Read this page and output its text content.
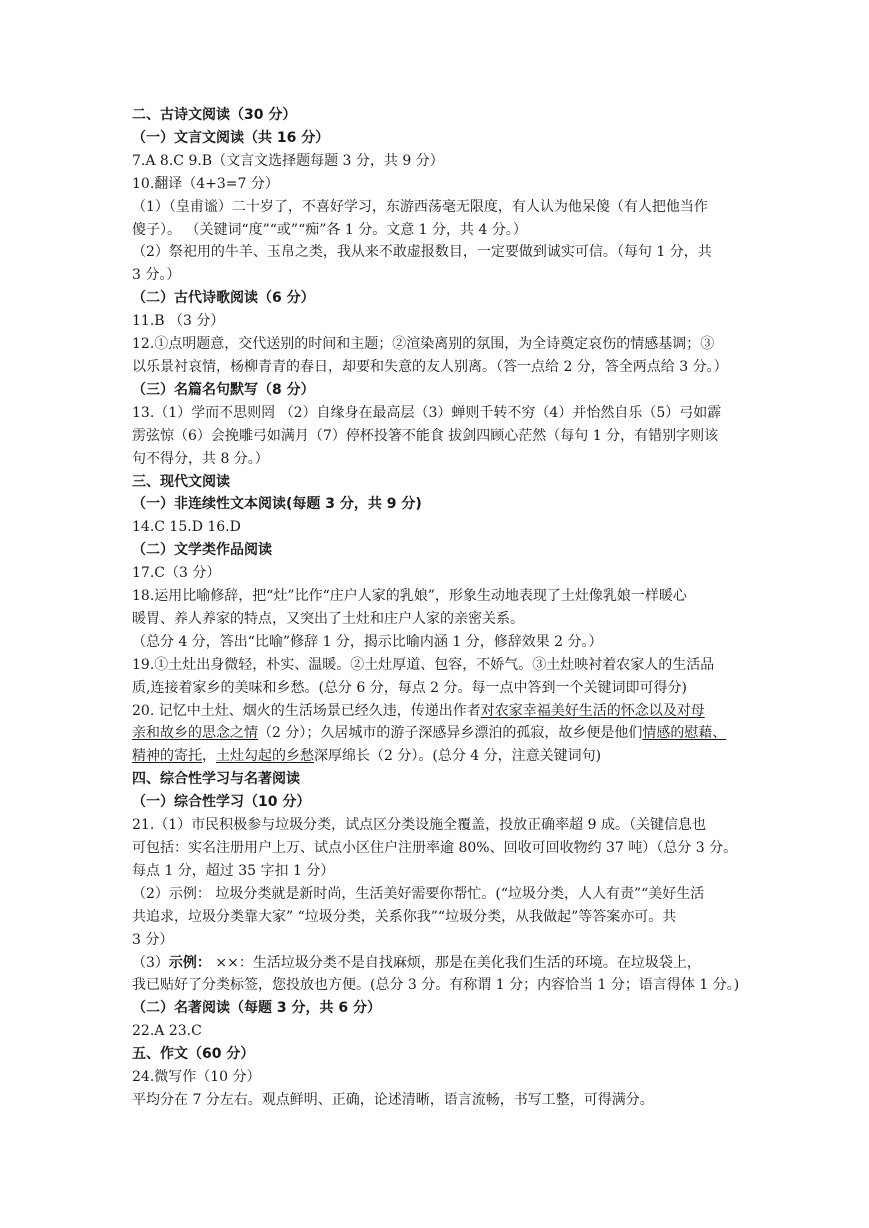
二、古诗文阅读（30 分）
（一）文言文阅读（共 16 分）
7.A 8.C 9.B（文言文选择题每题 3 分，共 9 分）
10.翻译（4+3=7 分）
（1）（皇甫谧）二十岁了，不喜好学习，东游西荡毫无限度，有人认为他呆傻（有人把他当作
傻子）。 （关键词“度”“或”“痴”各 1 分。文意 1 分，共 4 分。）
（2）祭祀用的牛羊、玉帛之类，我从来不敢虚报数目，一定要做到诚实可信。（每句 1 分，共
3 分。）
（二）古代诗歌阅读（6 分）
11.B （3 分）
12.①点明题意，交代送别的时间和主题；②渲染离别的氛围，为全诗奠定哀伤的情感基调；③
以乐景衬哀情，杨柳青青的春日，却要和失意的友人别离。（答一点给 2 分，答全两点给 3 分。）
（三）名篇名句默写（8 分）
13.（1）学而不思则罔 （2）自缘身在最高层（3）蝉则千转不穷（4）并怡然自乐（5）弓如霹
雳弦惊（6）会挽雕弓如满月（7）停杯投箸不能食 拔剑四顾心茫然（每句 1 分，有错别字则该
句不得分，共 8 分。）
三、现代文阅读
（一）非连续性文本阅读(每题 3 分，共 9 分)
14.C 15.D 16.D
（二）文学类作品阅读
17.C（3 分）
18.运用比喻修辞，把“灶”比作“庄户人家的乳娘”，形象生动地表现了土灶像乳娘一样暖心
暖胃、养人养家的特点，又突出了土灶和庄户人家的亲密关系。
（总分 4 分，答出“比喻”修辞 1 分，揭示比喻内涵 1 分，修辞效果 2 分。）
19.①土灶出身微轻，朴实、温暖。②土灶厚道、包容，不娇气。③土灶映衬着农家人的生活品
质,连接着家乡的美味和乡愁。(总分 6 分，每点 2 分。每一点中答到一个关键词即可得分)
20. 记忆中土灶、烟火的生活场景已经久违，传递出作者对农家幸福美好生活的怀念以及对母
亲和故乡的思念之情（2 分）；久居城市的游子深感异乡漂泊的孤寂，故乡便是他们情感的慰藉、
精神的寄托，土灶勾起的乡愁深厚绵长（2 分）。(总分 4 分，注意关键词句)
四、综合性学习与名著阅读
（一）综合性学习（10 分）
21.（1）市民积极参与垃圾分类，试点区分类设施全覆盖，投放正确率超 9 成。（关键信息也
可包括：实名注册用户上万、试点小区住户注册率逾 80%、回收可回收物约 37 吨）（总分 3 分。
每点 1 分，超过 35 字扣 1 分）
（2）示例： 垃圾分类就是新时尚，生活美好需要你帮忙。(“垃圾分类，人人有责”“美好生活
共追求，垃圾分类靠大家” “垃圾分类，关系你我”“垃圾分类，从我做起”等答案亦可。共
3 分）
（3）示例： ××：生活垃圾分类不是自找麻烦，那是在美化我们生活的环境。在垃圾袋上，
我已贴好了分类标签，您投放也方便。(总分 3 分。有称谓 1 分；内容恰当 1 分；语言得体 1 分。)
（二）名著阅读（每题 3 分，共 6 分）
22.A 23.C
五、作文（60 分）
24.微写作（10 分）
平均分在 7 分左右。观点鲜明、正确，论述清晰，语言流畅，书写工整，可得满分。
